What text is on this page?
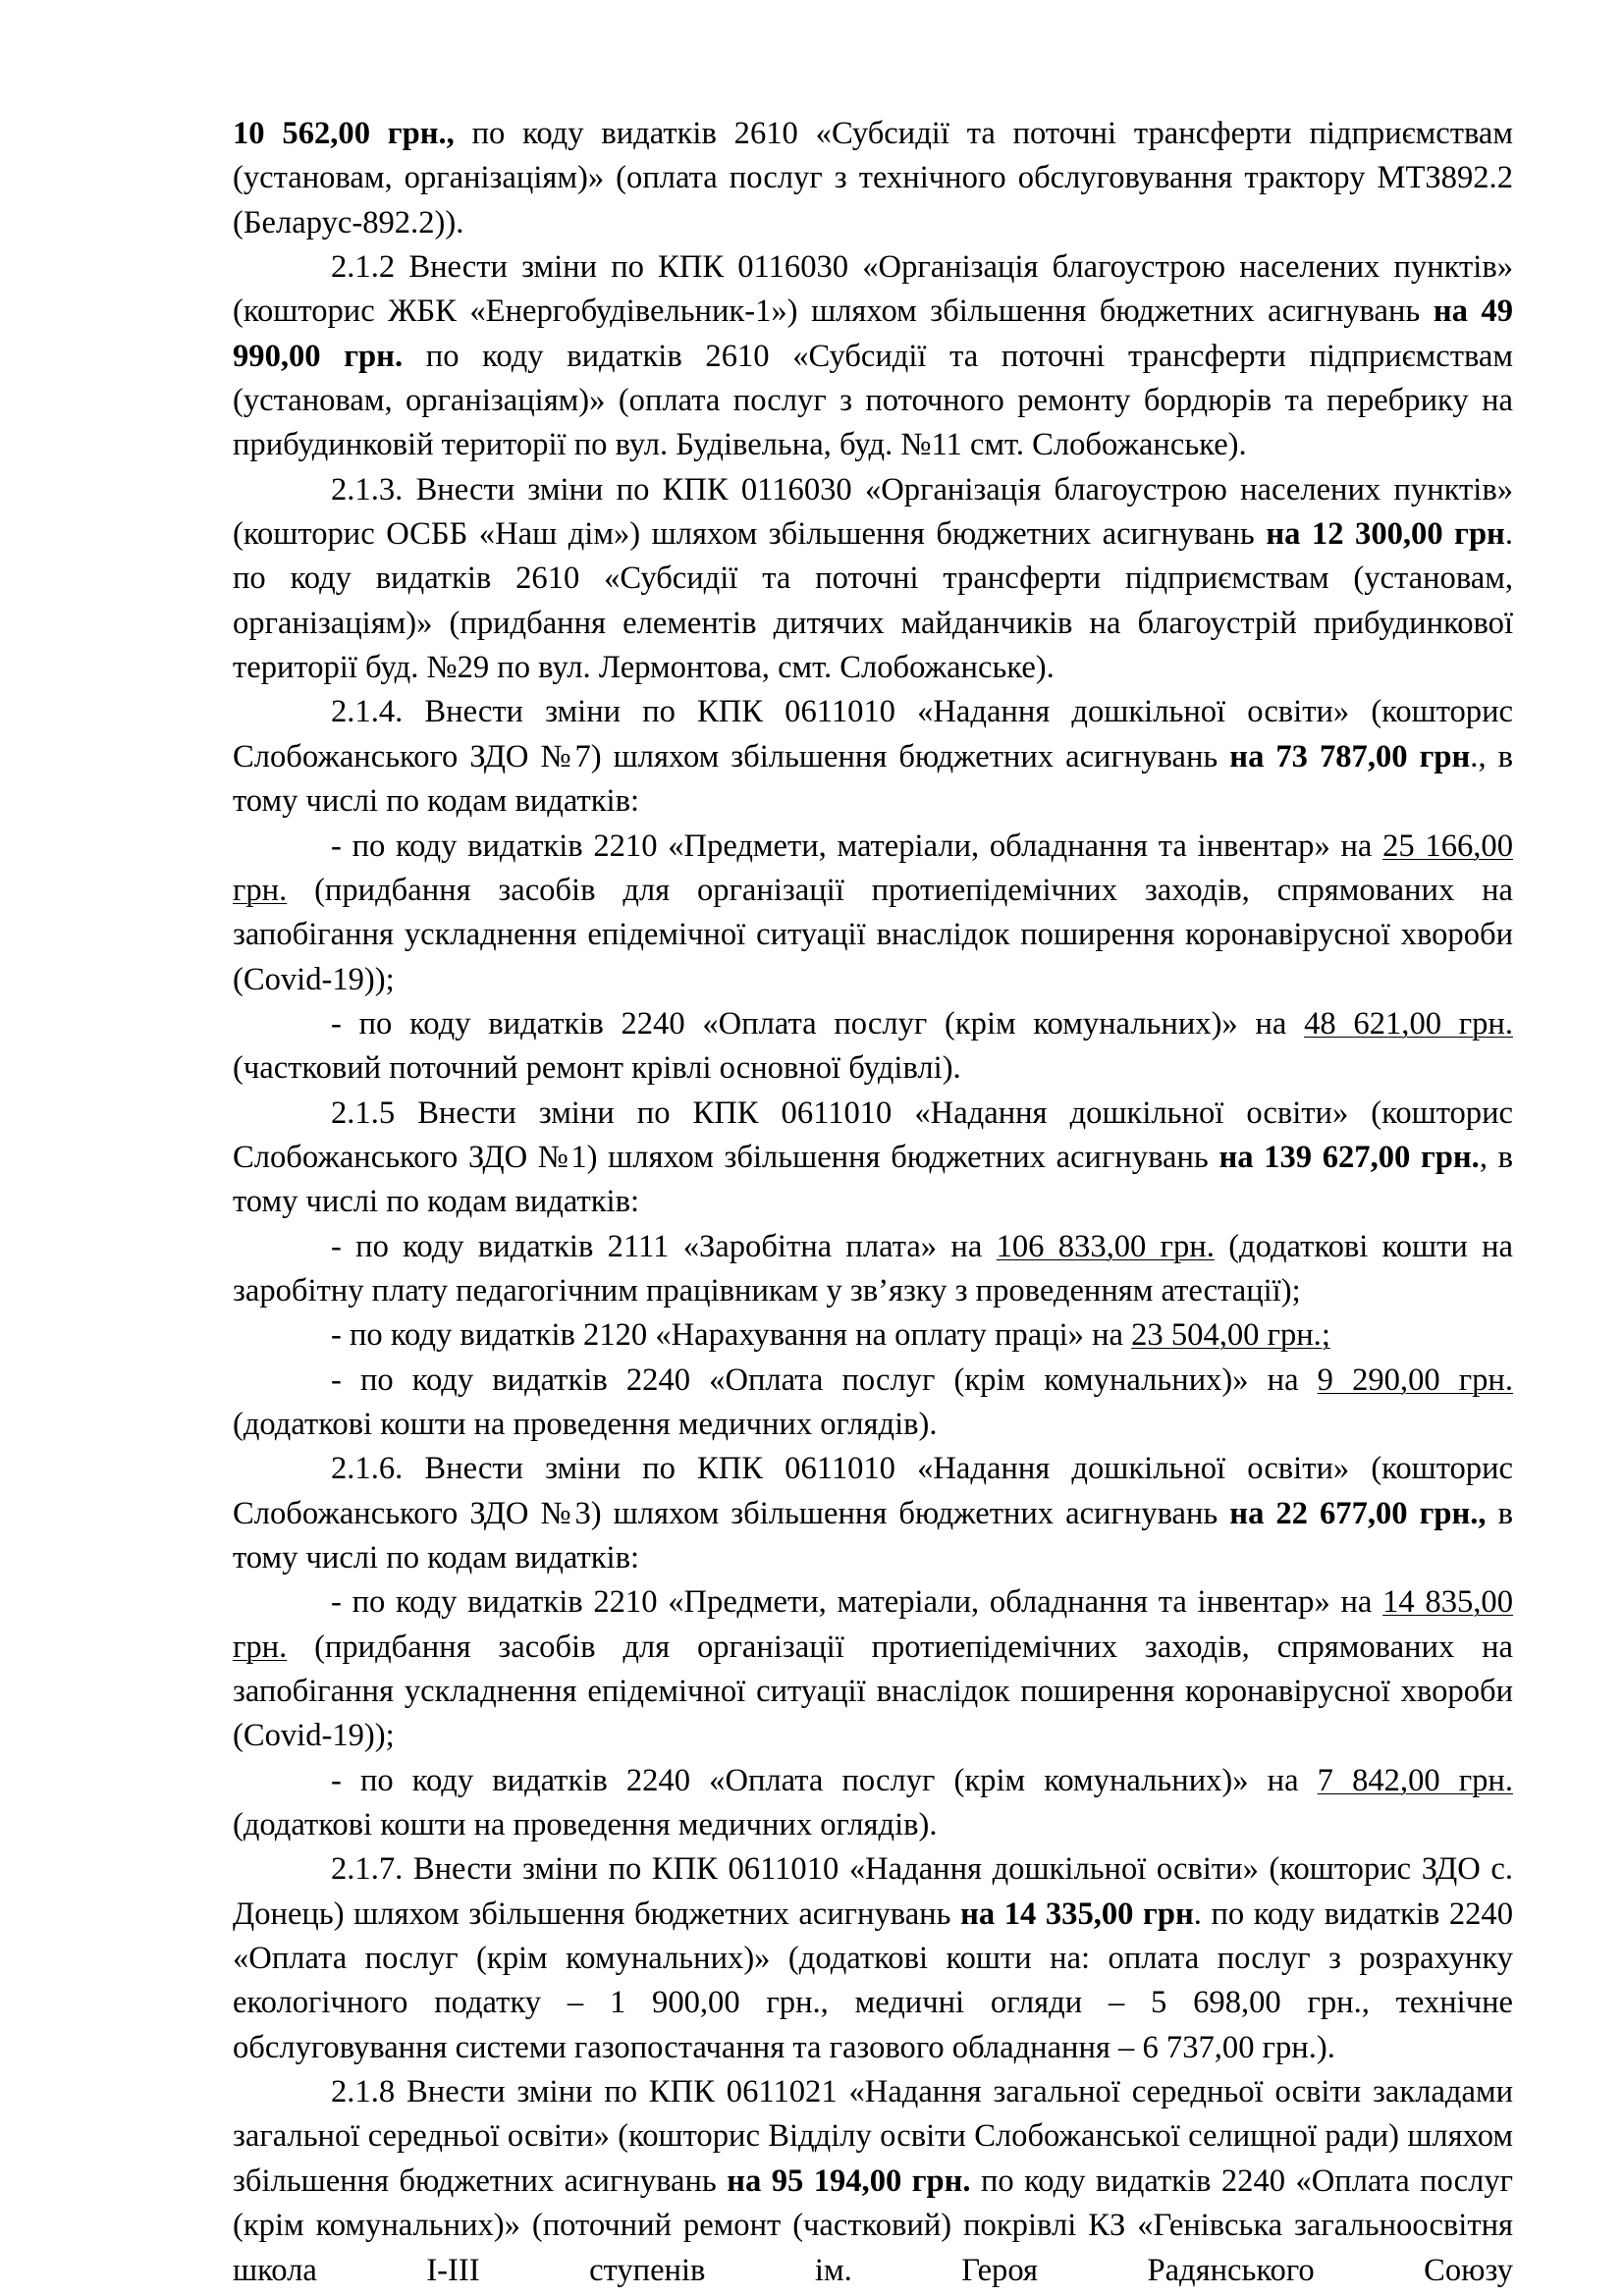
10 562,00 грн., по коду видатків 2610 «Субсидії та поточні трансферти підприємствам (установам, організаціям)» (оплата послуг з технічного обслуговування трактору МТЗ892.2 (Беларус-892.2)).

2.1.2 Внести зміни по КПК 0116030 «Організація благоустрою населених пунктів» (кошторис ЖБК «Енергобудівельник-1») шляхом збільшення бюджетних асигнувань на 49 990,00 грн. по коду видатків 2610 «Субсидії та поточні трансферти підприємствам (установам, організаціям)» (оплата послуг з поточного ремонту бордюрів та перебрику на прибудинковій території по вул. Будівельна, буд. №11 смт. Слобожанське).

2.1.3. Внести зміни по КПК 0116030 «Організація благоустрою населених пунктів» (кошторис ОСББ «Наш дім») шляхом збільшення бюджетних асигнувань на 12 300,00 грн. по коду видатків 2610 «Субсидії та поточні трансферти підприємствам (установам, організаціям)» (придбання елементів дитячих майданчиків на благоустрій прибудинкової території буд. №29 по вул. Лермонтова, смт. Слобожанське).

2.1.4. Внести зміни по КПК 0611010 «Надання дошкільної освіти» (кошторис Слобожанського ЗДО №7) шляхом збільшення бюджетних асигнувань на 73 787,00 грн., в тому числі по кодам видатків:

- по коду видатків 2210 «Предмети, матеріали, обладнання та інвентар» на 25 166,00 грн. (придбання засобів для організації протиепідемічних заходів, спрямованих на запобігання ускладнення епідемічної ситуації внаслідок поширення коронавірусної хвороби (Covid-19));

- по коду видатків 2240 «Оплата послуг (крім комунальних)» на 48 621,00 грн. (частковий поточний ремонт крівлі основної будівлі).

2.1.5 Внести зміни по КПК 0611010 «Надання дошкільної освіти» (кошторис Слобожанського ЗДО №1) шляхом збільшення бюджетних асигнувань на 139 627,00 грн., в тому числі по кодам видатків:

- по коду видатків 2111 «Заробітна плата» на 106 833,00 грн. (додаткові кошти на заробітну плату педагогічним працівникам у зв’язку з проведенням атестації);

- по коду видатків 2120 «Нарахування на оплату праці» на 23 504,00 грн.;

- по коду видатків 2240 «Оплата послуг (крім комунальних)» на 9 290,00 грн. (додаткові кошти на проведення медичних оглядів).

2.1.6. Внести зміни по КПК 0611010 «Надання дошкільної освіти» (кошторис Слобожанського ЗДО №3) шляхом збільшення бюджетних асигнувань на 22 677,00 грн., в тому числі по кодам видатків:

- по коду видатків 2210 «Предмети, матеріали, обладнання та інвентар» на 14 835,00 грн. (придбання засобів для організації протиепідемічних заходів, спрямованих на запобігання ускладнення епідемічної ситуації внаслідок поширення коронавірусної хвороби (Covid-19));

- по коду видатків 2240 «Оплата послуг (крім комунальних)» на 7 842,00 грн. (додаткові кошти на проведення медичних оглядів).

2.1.7. Внести зміни по КПК 0611010 «Надання дошкільної освіти» (кошторис ЗДО с. Донець) шляхом збільшення бюджетних асигнувань на 14 335,00 грн. по коду видатків 2240 «Оплата послуг (крім комунальних)» (додаткові кошти на: оплата послуг з розрахунку екологічного податку – 1 900,00 грн., медичні огляди – 5 698,00 грн., технічне обслуговування системи газопостачання та газового обладнання – 6 737,00 грн.).

2.1.8 Внести зміни по КПК 0611021 «Надання загальної середньої освіти закладами загальної середньої освіти» (кошторис Відділу освіти Слобожанської селищної ради) шляхом збільшення бюджетних асигнувань на 95 194,00 грн. по коду видатків 2240 «Оплата послуг (крім комунальних)» (поточний ремонт (частковий) покрівлі КЗ «Генівська загальноосвітня школа І-ІІІ ступенів ім. Героя Радянського Союзу
